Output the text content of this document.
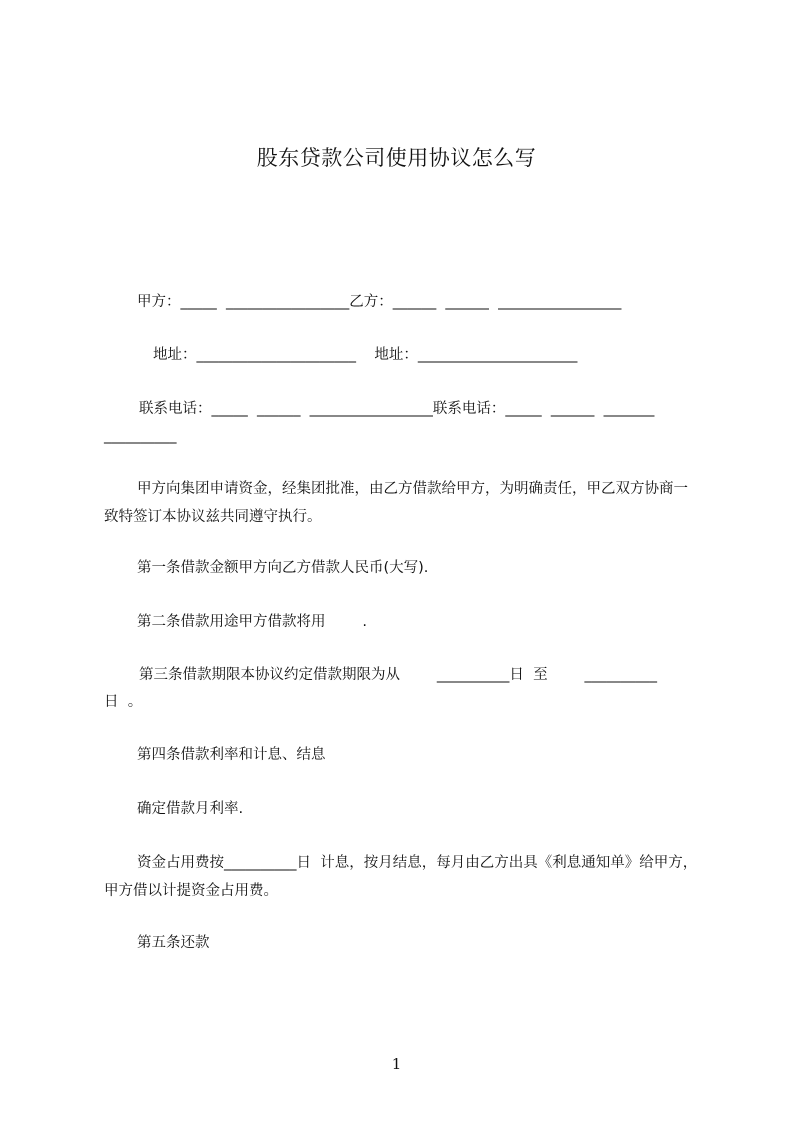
股东贷款公司使用协议怎么写
甲方：_____  _________________乙方：______  ______  _________________
地址：______________________    地址：______________________
联系电话：_____  ______  _________________联系电话：_____  ______  _______
__________
甲方向集团申请资金，经集团批准，由乙方借款给甲方，为明确责任，甲乙双方协商一致特签订本协议兹共同遵守执行。
第一条借款金额甲方向乙方借款人民币(大写).
第二条借款用途甲方借款将用        .
第三条借款期限本协议约定借款期限为从        __________日  至        __________
日  。
第四条借款利率和计息、结息
确定借款月利率.
资金占用费按__________日  计息，按月结息，每月由乙方出具《利息通知单》给甲方，甲方借以计提资金占用费。
第五条还款
1
